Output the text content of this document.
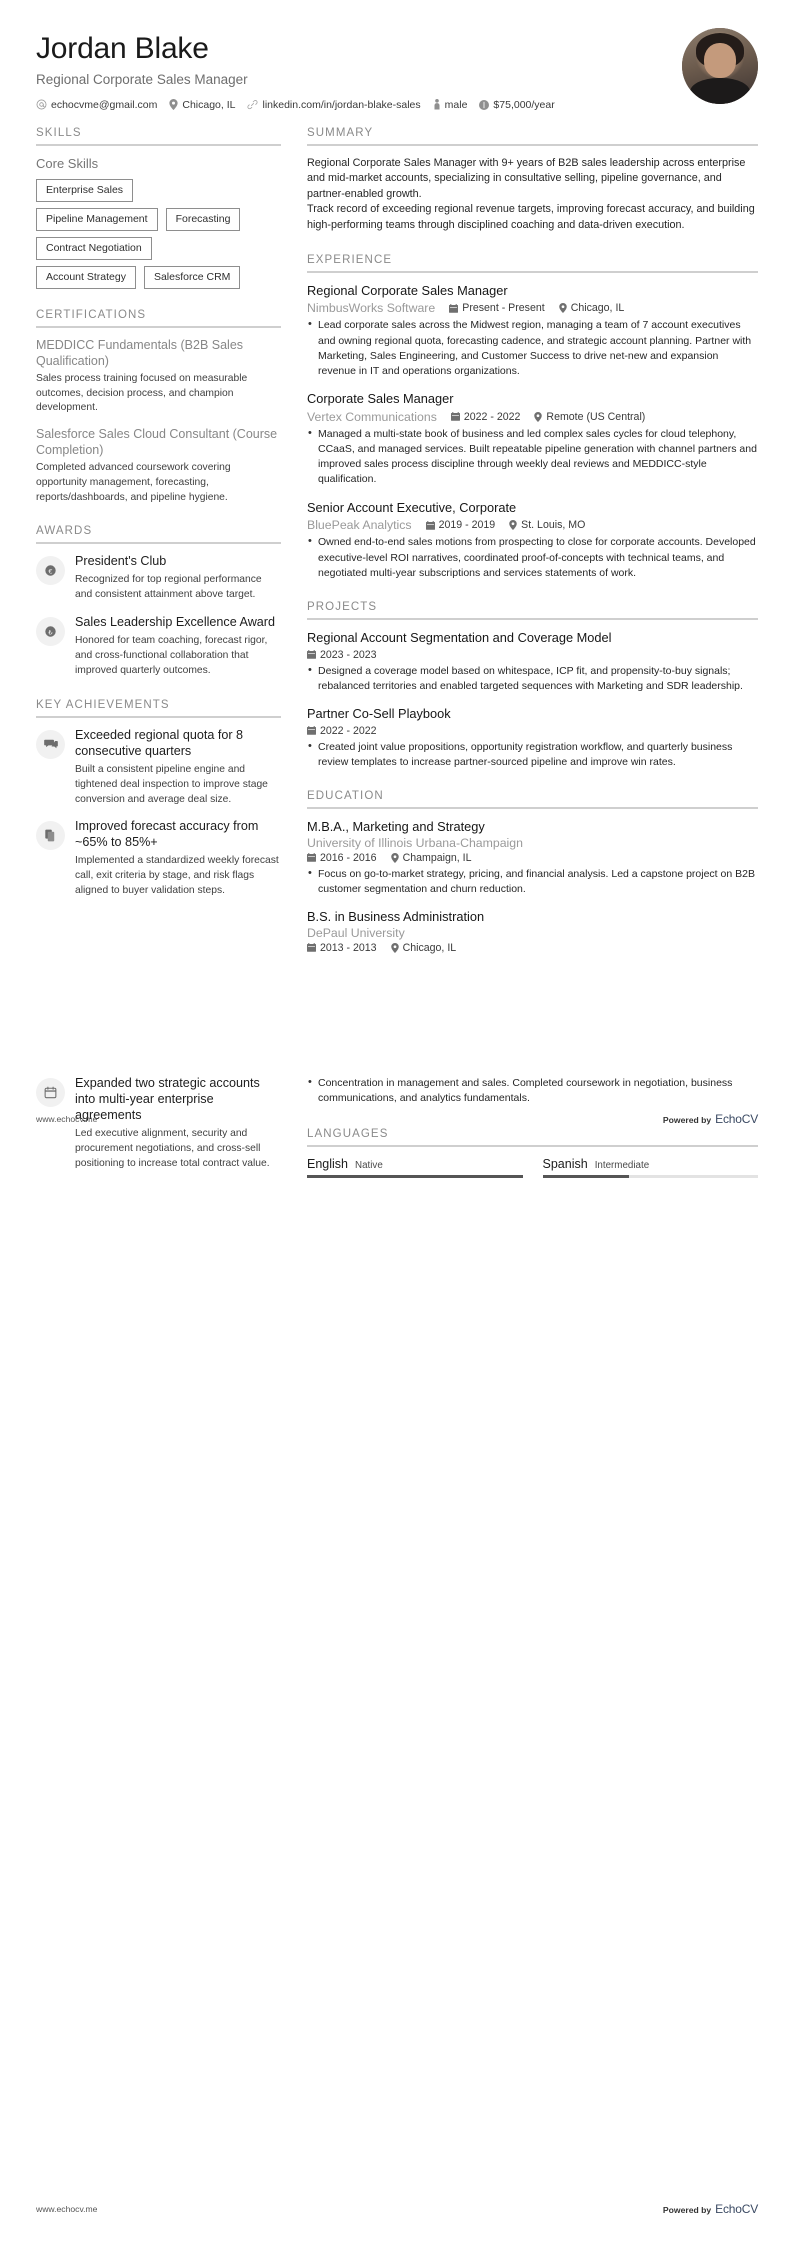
Jordan Blake
Regional Corporate Sales Manager
echocvme@gmail.com Chicago, IL	linkedin.com/in/jordan-blake-sales male $75,000/year
SKILLS
Core Skills
Enterprise Sales
Pipeline Management	Forecasting
Contract Negotiation
Account Strategy	Salesforce CRM
CERTIFICATIONS
MEDDICC Fundamentals (B2B Sales Qualification)
Sales process training focused on measurable outcomes, decision process, and champion development.
Salesforce Sales Cloud Consultant (Course Completion)
Completed advanced coursework covering opportunity management, forecasting, reports/dashboards, and pipeline hygiene.
AWARDS
€
President's Club
Recognized for top regional performance and consistent attainment above target.
₺
Sales Leadership Excellence Award
Honored for team coaching, forecast rigor, and cross-functional collaboration that improved quarterly outcomes.
KEY ACHIEVEMENTS
Exceeded regional quota for 8 consecutive quarters
Built a consistent pipeline engine and tightened deal inspection to improve stage conversion and average deal size.
Improved forecast accuracy from ~65% to 85%+
Implemented a standardized weekly forecast call, exit criteria by stage, and risk flags aligned to buyer validation steps.
SUMMARY

Regional Corporate Sales Manager with 9+ years of B2B sales leadership across enterprise and mid-market accounts, specializing in consultative selling, pipeline governance, and partner-enabled growth.

Track record of exceeding regional revenue targets, improving forecast accuracy, and building high-performing teams through disciplined coaching and data-driven execution.

EXPERIENCE
Regional Corporate Sales Manager
NimbusWorks Software	Present - Present Chicago, IL
• Lead corporate sales across the Midwest region, managing a team of 7 account executives and owning regional quota, forecasting cadence, and strategic account planning. Partner with Marketing, Sales Engineering, and Customer Success to drive net-new and expansion revenue in IT and operations organizations.
Corporate Sales Manager
Vertex Communications	2022 - 2022 Remote (US Central)
• Managed a multi-state book of business and led complex sales cycles for cloud telephony, CCaaS, and managed services. Built repeatable pipeline generation with channel partners and improved sales process discipline through weekly deal reviews and MEDDICC-style qualification.
Senior Account Executive, Corporate
BluePeak Analytics	2019 - 2019 St. Louis, MO
• Owned end-to-end sales motions from prospecting to close for corporate accounts. Developed executive-level ROI narratives, coordinated proof-of-concepts with technical teams, and negotiated multi-year subscriptions and services statements of work.
PROJECTS
Regional Account Segmentation and Coverage Model
2023 - 2023
• Designed a coverage model based on whitespace, ICP fit, and propensity-to-buy signals; rebalanced territories and enabled targeted sequences with Marketing and SDR leadership.
Partner Co-Sell Playbook
2022 - 2022
• Created joint value propositions, opportunity registration workflow, and quarterly business review templates to increase partner-sourced pipeline and improve win rates.
EDUCATION
M.B.A., Marketing and Strategy
University of Illinois Urbana-Champaign
2016 - 2016 Champaign, IL
• Focus on go-to-market strategy, pricing, and financial analysis. Led a capstone project on B2B customer segmentation and churn reduction.
B.S. in Business Administration
DePaul University
2013 - 2013 Chicago, IL
www.echocv.me	Powered by EchoCV
Expanded two strategic accounts into multi-year enterprise agreements
Led executive alignment, security and procurement negotiations, and cross-sell positioning to increase total contract value.
• Concentration in management and sales. Completed coursework in negotiation, business communications, and analytics fundamentals.
LANGUAGES
English Native	Spanish Intermediate
www.echocv.me	Powered by EchoCV
